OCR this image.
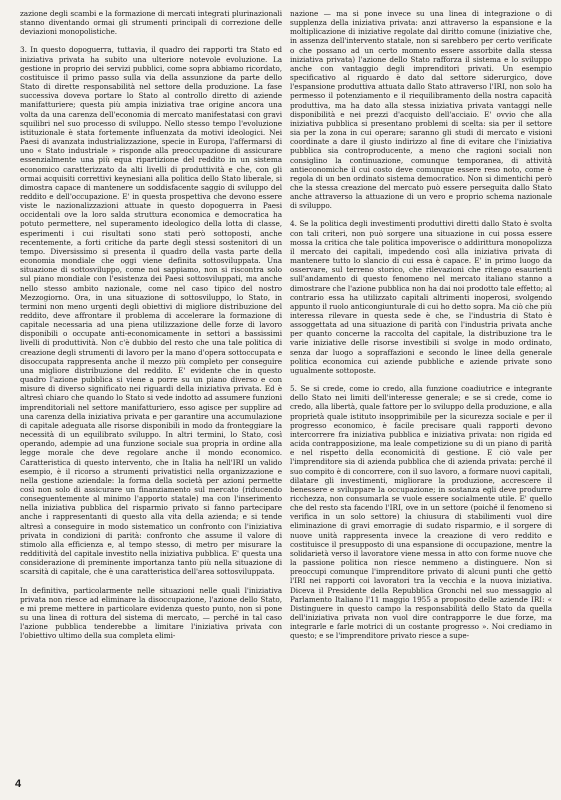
zazione degli scambi e la formazione di mercati integrati plurinazionali stanno diventando ormai gli strumenti principali di correzione delle deviazioni monopolistiche.

3. In questo dopoguerra, tuttavia, il quadro dei rapporti tra Stato ed iniziativa privata ha subito una ulteriore notevole evoluzione. La gestione in proprio dei servizi pubblici, come sopra abbiamo ricordato, costituisce il primo passo sulla via della assunzione da parte dello Stato di dirette responsabilità nel settore della produzione. La fase successiva doveva portare lo Stato al controllo diretto di aziende manifatturiere; questa più ampia iniziativa trae origine ancora una volta da una carenza dell'economia di mercato manifestatasi con gravi squilibri nel suo processo di sviluppo. Nello stesso tempo l'evoluzione istituzionale è stata fortemente influenzata da motivi ideologici. Nei Paesi di avanzata industrializzazione, specie in Europa, l'affermarsi di uno « Stato industriale » risponde alla preoccupazione di assicurare essenzialmente una più equa ripartizione del reddito in un sistema economico caratterizzato da alti livelli di produttività e che, con gli ormai acquisiti correttivi keynesiani alla politica dello Stato liberale, si dimostra capace di mantenere un soddisfacente saggio di sviluppo del reddito e dell'occupazione. E' in questa prospettiva che devono essere viste le nazionalizzazioni attuate in questo dopoguerra in Paesi occidentali ove la loro salda struttura economica e democratica ha potuto permettere, nel superamento ideologico della lotta di classe, esperimenti i cui risultati sono stati però sottoposti, anche recentemente, a forti critiche da parte degli stessi sostenitori di un tempo. Diversissimo si presenta il quadro della vasta parte della economia mondiale che oggi viene definita sottosviluppata. Una situazione di sottosviluppo, come noi sappiamo, non si riscontra solo sul piano mondiale con l'esistenza dei Paesi sottosviluppati, ma anche nello stesso ambito nazionale, come nel caso tipico del nostro Mezzogiorno. Ora, in una situazione di sottosviluppo, lo Stato, in termini non meno urgenti degli obiettivi di migliore distribuzione del reddito, deve affrontare il problema di accelerare la formazione di capitale necessaria ad una piena utilizzazione delle forze di lavoro disponibili o occupate anti-economicamente in settori a bassissimi livelli di produttività. Non c'è dubbio del resto che una tale politica di creazione degli strumenti di lavoro per la mano d'opera sottoccupata e disoccupata rappresenta anche il mezzo più completo per conseguire una migliore distribuzione del reddito. E' evidente che in questo quadro l'azione pubblica si viene a porre su un piano diverso e con misure di diverso significato nei riguardi della iniziativa privata. Ed è altresì chiaro che quando lo Stato si vede indotto ad assumere funzioni imprenditoriali nel settore manifatturiero, esso agisce per supplire ad una carenza della iniziativa privata e per garantire una accumulazione di capitale adeguata alle risorse disponibili in modo da fronteggiare la necessità di un equilibrato sviluppo. In altri termini, lo Stato, così operando, adempie ad una funzione sociale sua propria in ordine alla legge morale che deve regolare anche il mondo economico. Caratteristica di questo intervento, che in Italia ha nell'IRI un valido esempio, è il ricorso a strumenti privatistici nella organizzazione e nella gestione aziendale: la forma della società per azioni permette così non solo di assicurare un finanziamento sul mercato (riducendo conseguentemente al minimo l'apporto statale) ma con l'inserimento nella iniziativa pubblica del risparmio privato si fanno partecipare anche i rappresentanti di questo alla vita della azienda; e si tende altresì a conseguire in modo sistematico un confronto con l'iniziativa privata in condizioni di parità: confronto che assume il valore di stimolo alla efficienza e, al tempo stesso, di metro per misurare la redditività del capitale investito nella iniziativa pubblica. E' questa una considerazione di preminente importanza tanto più nella situazione di scarsità di capitale, che è una caratteristica dell'area sottosviluppata.

In definitiva, particolarmente nelle situazioni nelle quali l'iniziativa privata non riesce ad eliminare la disoccupazione, l'azione dello Stato, e mi preme mettere in particolare evidenza questo punto, non si pone su una linea di rottura del sistema di mercato, — perché in tal caso l'azione pubblica tenderebbe a limitare l'iniziativa privata con l'obiettivo ultimo della sua completa elimi-

nazione — ma si pone invece su una linea di integrazione o di supplenza della iniziativa privata: anzi attraverso la espansione e la moltiplicazione di iniziative regolate dal diritto comune (iniziative che, in assenza dell'intervento statale, non si sarebbero per certo verificate o che possano ad un certo momento essere assorbite dalla stessa iniziativa privata) l'azione dello Stato rafforza il sistema e lo sviluppo anche con vantaggio degli imprenditori privati. Un esempio specificativo al riguardo è dato dal settore siderurgico, dove l'espansione produttiva attuata dallo Stato attraverso l'IRI, non solo ha permesso il potenziamento e il riequilibramento della nostra capacità produttiva, ma ha dato alla stessa iniziativa privata vantaggi nelle disponibilità e nei prezzi d'acquisto dell'acciaio. E' ovvio che alla iniziativa pubblica si presentano problemi di scelta: sia per il settore sia per la zona in cui operare; saranno gli studi di mercato e visioni coordinate a dare il giusto indirizzo al fine di evitare che l'iniziativa pubblica sia controproducente, a meno che ragioni sociali non consiglino la continuazione, comunque temporanea, di attività antieconomiche il cui costo deve comunque essere reso noto, come è regola di un ben ordinato sistema democratico. Non si dimentichi però che la stessa creazione del mercato può essere perseguita dallo Stato anche attraverso la attuazione di un vero e proprio schema nazionale di sviluppo.

4. Se la politica degli investimenti produttivi diretti dallo Stato è svolta con tali criteri, non può sorgere una situazione in cui possa essere mossa la critica che tale politica impoverisce o addirittura monopolizza il mercato dei capitali, impedendo così alla iniziativa privata di mantenere tutto lo slancio di cui essa è capace. E' in primo luogo da osservare, sul terreno storico, che rilevazioni che ritengo esaurienti sull'andamento di questo fenomeno nel mercato italiano stanno a dimostrare che l'azione pubblica non ha dai noi prodotto tale effetto; al contrario essa ha utilizzato capitali altrimenti inoperosi, svolgendo appunto il ruolo anticongiunturale di cui ho detto sopra. Ma ciò che più interessa rilevare in questa sede è che, se l'industria di Stato è assoggettata ad una situazione di parità con l'industria privata anche per quanto concerne la raccolta del capitale, la distribuzione tra le varie iniziative delle risorse investibili si svolge in modo ordinato, senza dar luogo a sopraffazioni e secondo le linee della generale politica economica cui aziende pubbliche e aziende private sono ugualmente sottoposte.

5. Se si crede, come io credo, alla funzione coadiutrice e integrante dello Stato nei limiti dell'interesse generale; e se si crede, come io credo, alla libertà, quale fattore per lo sviluppo della produzione, e alla proprietà quale istituto insopprimibile per la sicurezza sociale e per il progresso economico, è facile precisare quali rapporti devono intercorrere fra iniziativa pubblica e iniziativa privata: non rigida ed acida contrapposizione, ma leale competizione su di un piano di parità e nel rispetto della economicità di gestione. E ciò vale per l'imprenditore sia di azienda pubblica che di azienda privata: perché il suo compito è di concorrere, con il suo lavoro, a formare nuovi capitali, dilatare gli investimenti, migliorare la produzione, accrescere il benessere e sviluppare la occupazione; in sostanza egli deve produrre ricchezza, non consumarla se vuole essere socialmente utile. E' quello che del resto sta facendo l'IRI, ove in un settore (poiché il fenomeno si verifica in un solo settore) la chiusura di stabilimenti vuol dire eliminazione di gravi emorragie di sudato risparmio, e il sorgere di nuove unità rappresenta invece la creazione di vero reddito e costituisce il presupposto di una espansione di occupazione, mentre la solidarietà verso il lavoratore viene messa in atto con forme nuove che la passione politica non riesce nemmeno a distinguere. Non si preoccupi comunque l'imprenditore privato di alcuni punti che gettò l'IRI nei rapporti coi lavoratori tra la vecchia e la nuova iniziativa. Diceva il Presidente della Repubblica Gronchi nel suo messaggio al Parlamento Italiano l'11 maggio 1955 a proposito delle aziende IRI: « Distinguere in questo campo la responsabilità dello Stato da quella dell'iniziativa privata non vuol dire contrapporre le due forze, ma integrarle e farle motrici di un costante progresso ». Noi crediamo in questo; e se l'imprenditore privato riesce a supe-

4
